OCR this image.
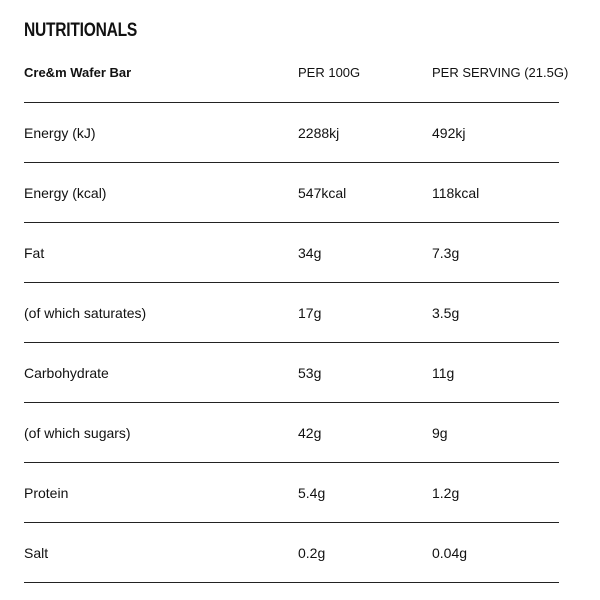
NUTRITIONALS
Cre&m Wafer Bar	PER 100G	PER SERVING (21.5G)
Energy (kJ)	2288kj	492kj
Energy (kcal)	547kcal	118kcal
Fat	34g	7.3g
(of which saturates)	17g	3.5g
Carbohydrate	53g	11g
(of which sugars)	42g	9g
Protein	5.4g	1.2g
Salt	0.2g	0.04g
